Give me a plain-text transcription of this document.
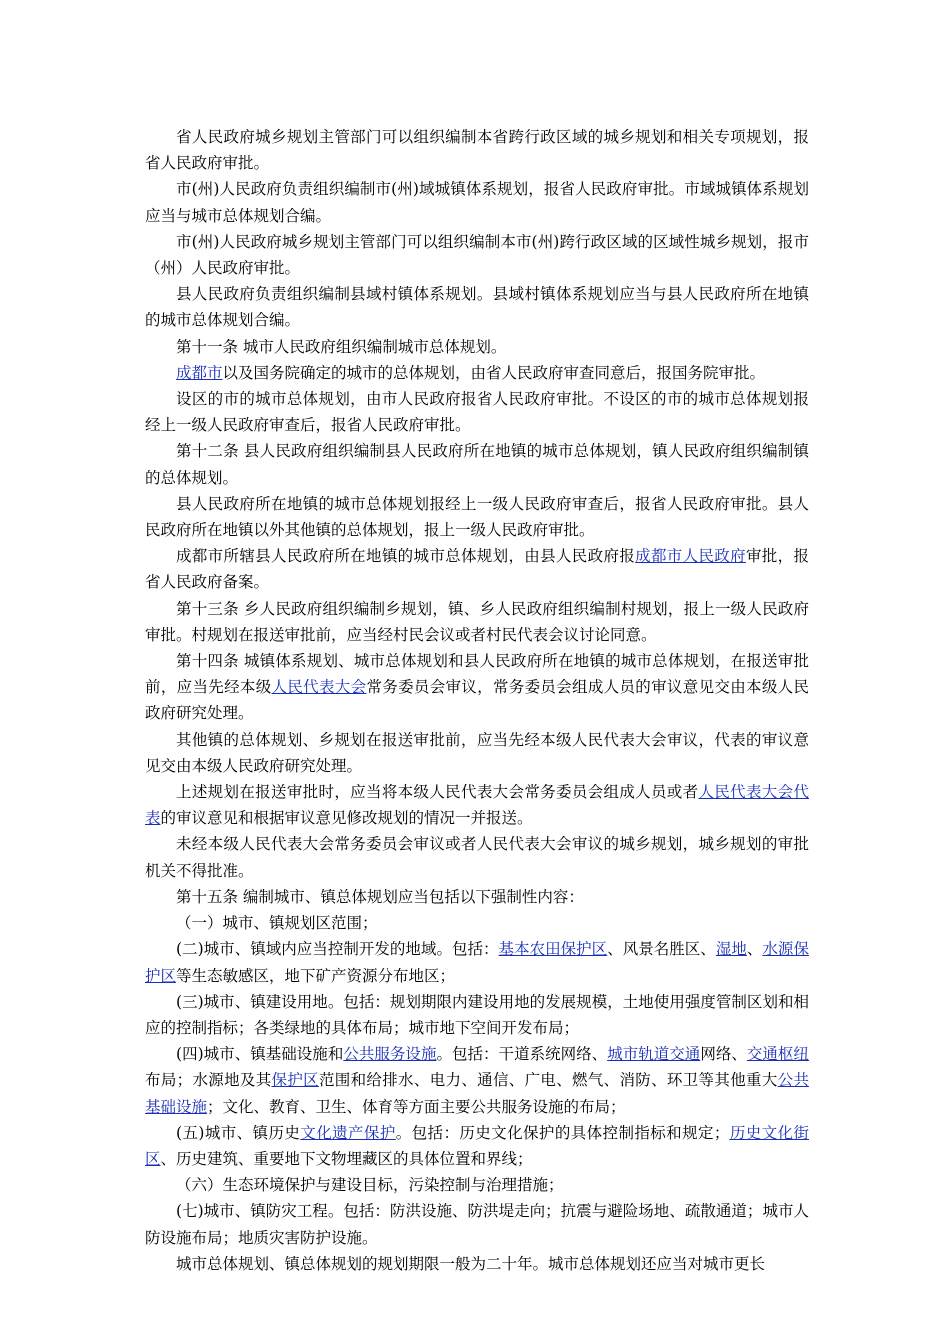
省人民政府城乡规划主管部门可以组织编制本省跨行政区域的城乡规划和相关专项规划，报省人民政府审批。

市(州)人民政府负责组织编制市(州)域城镇体系规划，报省人民政府审批。市域城镇体系规划应当与城市总体规划合编。

市(州)人民政府城乡规划主管部门可以组织编制本市(州)跨行政区域的区域性城乡规划，报市（州）人民政府审批。

县人民政府负责组织编制县域村镇体系规划。县域村镇体系规划应当与县人民政府所在地镇的城市总体规划合编。

第十一条 城市人民政府组织编制城市总体规划。

成都市以及国务院确定的城市的总体规划，由省人民政府审查同意后，报国务院审批。

设区的市的城市总体规划，由市人民政府报省人民政府审批。不设区的市的城市总体规划报经上一级人民政府审查后，报省人民政府审批。

第十二条 县人民政府组织编制县人民政府所在地镇的城市总体规划，镇人民政府组织编制镇的总体规划。

县人民政府所在地镇的城市总体规划报经上一级人民政府审查后，报省人民政府审批。县人民政府所在地镇以外其他镇的总体规划，报上一级人民政府审批。

成都市所辖县人民政府所在地镇的城市总体规划，由县人民政府报成都市人民政府审批，报省人民政府备案。

第十三条 乡人民政府组织编制乡规划，镇、乡人民政府组织编制村规划，报上一级人民政府审批。村规划在报送审批前，应当经村民会议或者村民代表会议讨论同意。

第十四条 城镇体系规划、城市总体规划和县人民政府所在地镇的城市总体规划，在报送审批前，应当先经本级人民代表大会常务委员会审议，常务委员会组成人员的审议意见交由本级人民政府研究处理。

其他镇的总体规划、乡规划在报送审批前，应当先经本级人民代表大会审议，代表的审议意见交由本级人民政府研究处理。

上述规划在报送审批时，应当将本级人民代表大会常务委员会组成人员或者人民代表大会代表的审议意见和根据审议意见修改规划的情况一并报送。

未经本级人民代表大会常务委员会审议或者人民代表大会审议的城乡规划，城乡规划的审批机关不得批准。

第十五条 编制城市、镇总体规划应当包括以下强制性内容：

（一）城市、镇规划区范围；

(二)城市、镇域内应当控制开发的地域。包括：基本农田保护区、风景名胜区、湿地、水源保护区等生态敏感区，地下矿产资源分布地区；

(三)城市、镇建设用地。包括：规划期限内建设用地的发展规模，土地使用强度管制区划和相应的控制指标；各类绿地的具体布局；城市地下空间开发布局；

(四)城市、镇基础设施和公共服务设施。包括：干道系统网络、城市轨道交通网络、交通枢纽布局；水源地及其保护区范围和给排水、电力、通信、广电、燃气、消防、环卫等其他重大公共基础设施；文化、教育、卫生、体育等方面主要公共服务设施的布局；

(五)城市、镇历史文化遗产保护。包括：历史文化保护的具体控制指标和规定；历史文化街区、历史建筑、重要地下文物埋藏区的具体位置和界线；

（六）生态环境保护与建设目标，污染控制与治理措施；

(七)城市、镇防灾工程。包括：防洪设施、防洪堤走向；抗震与避险场地、疏散通道；城市人防设施布局；地质灾害防护设施。

城市总体规划、镇总体规划的规划期限一般为二十年。城市总体规划还应当对城市更长
